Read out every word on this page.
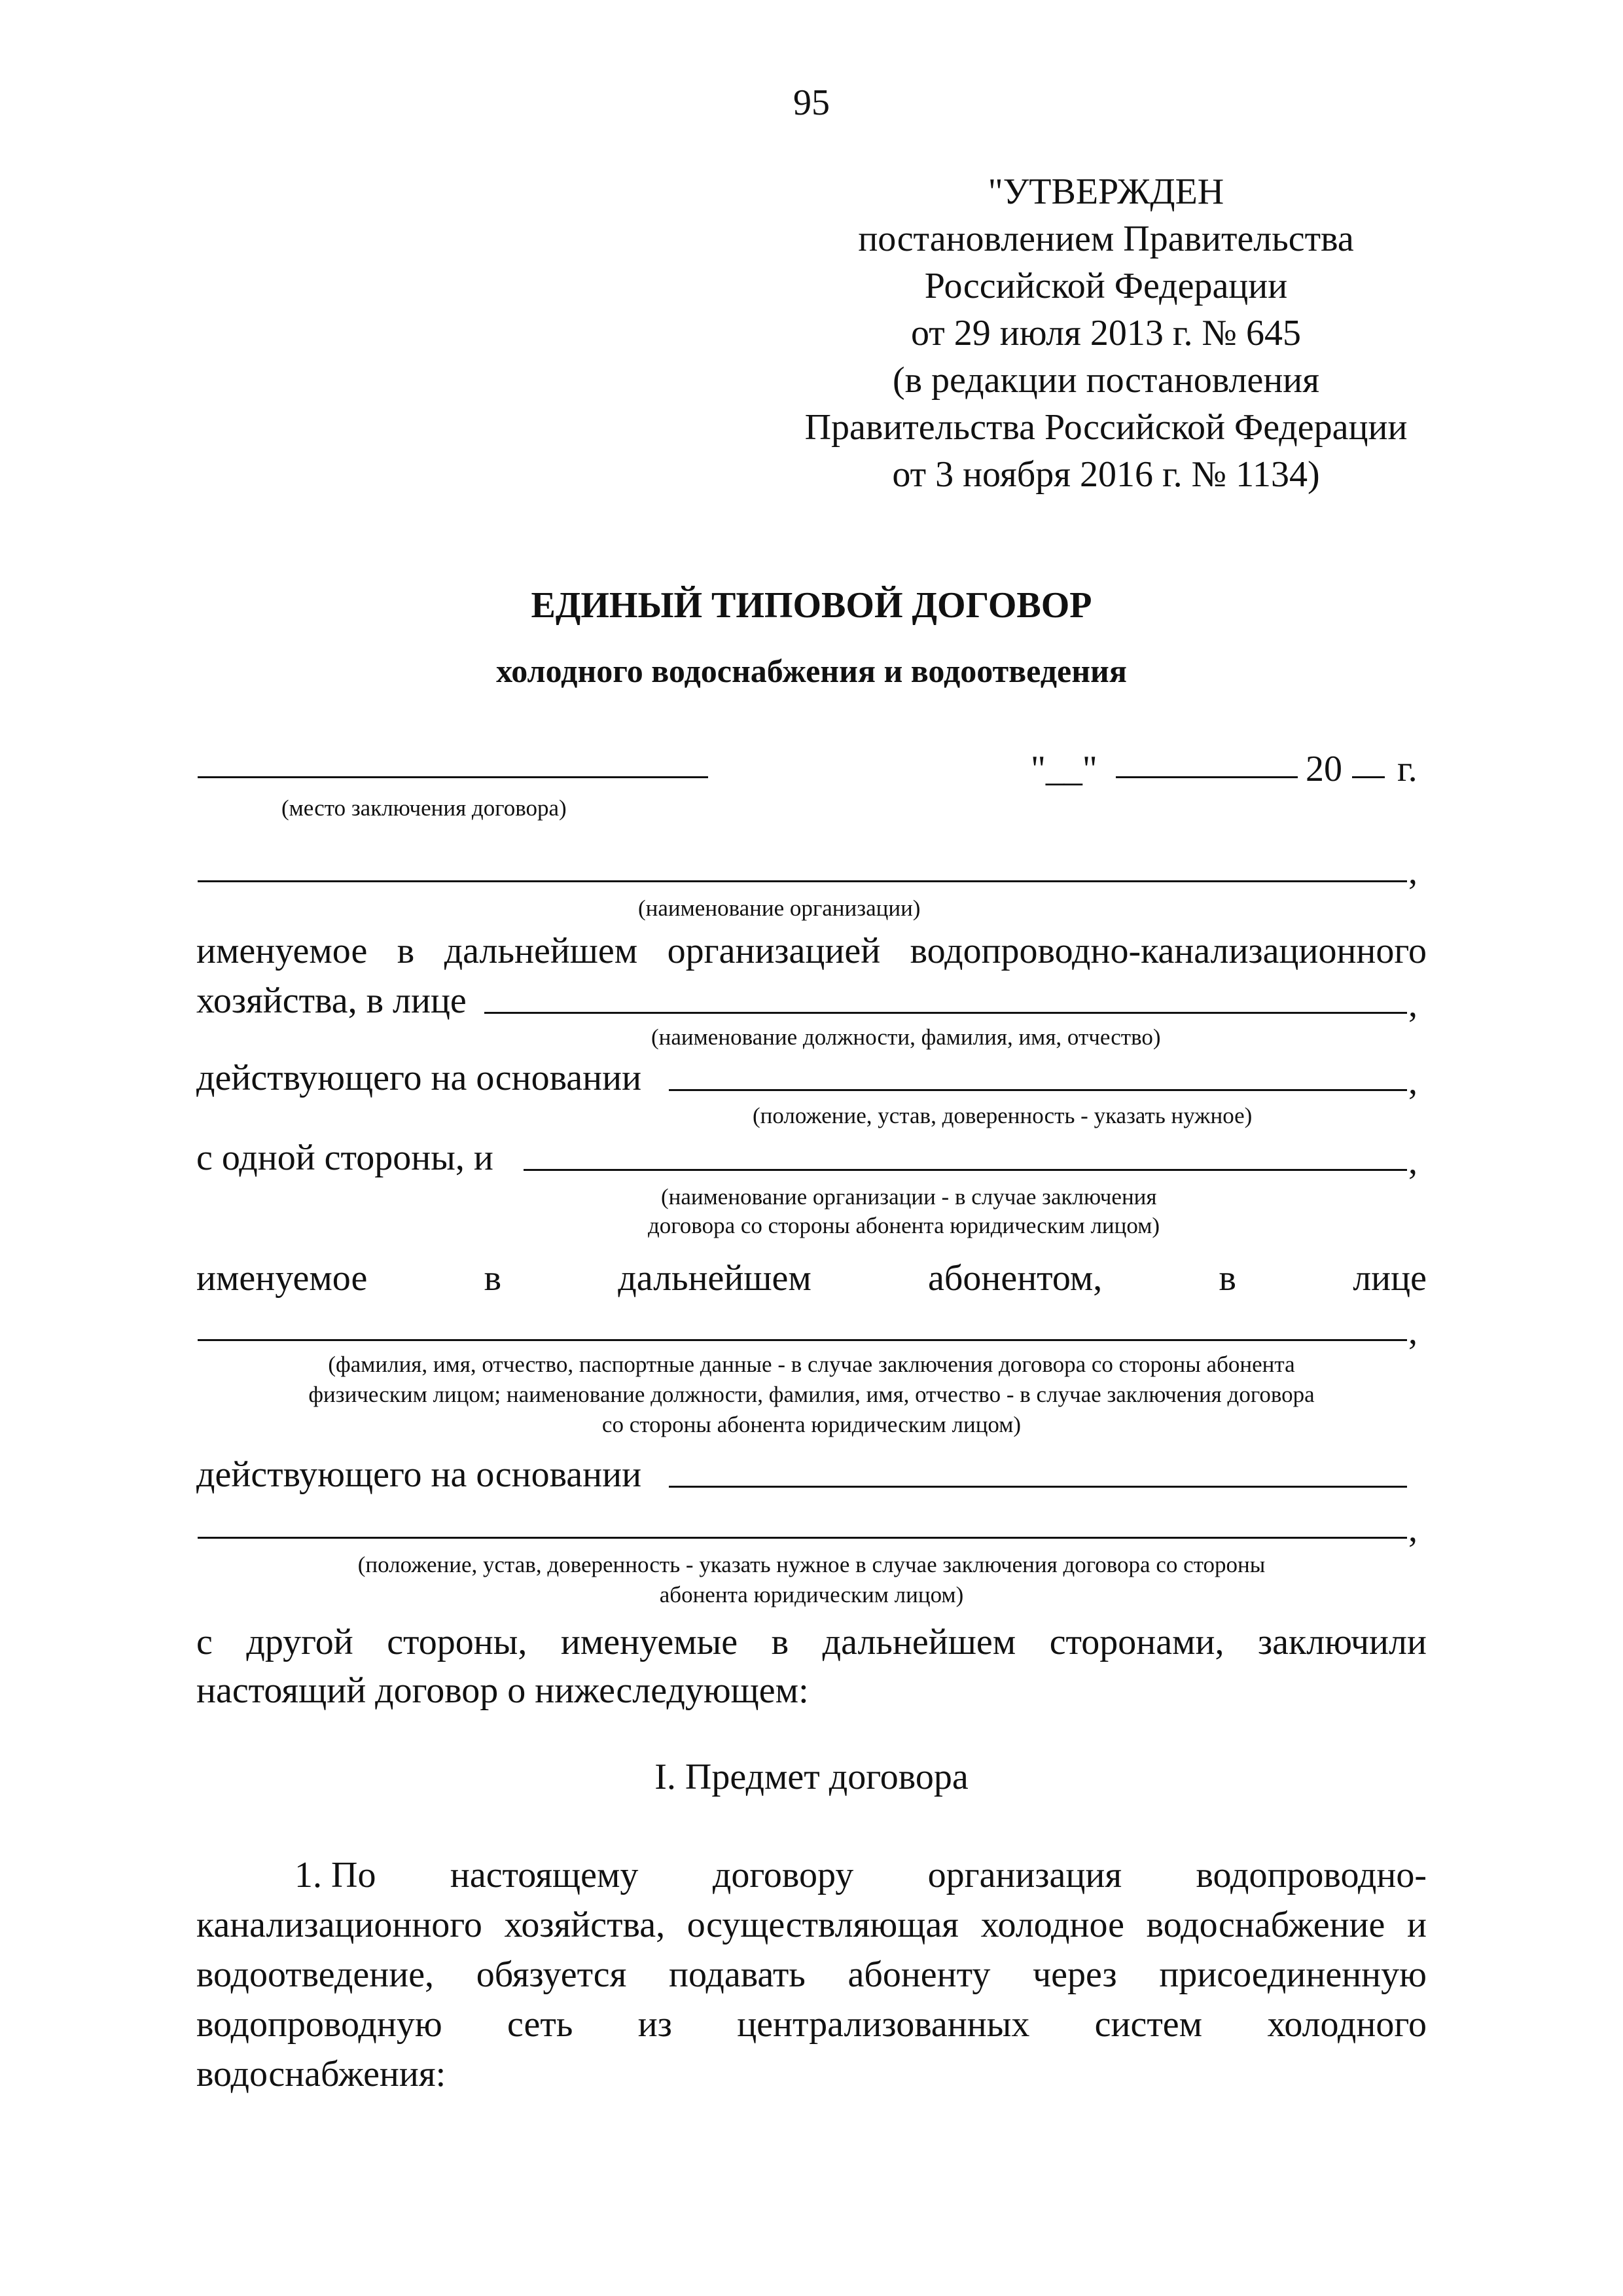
95
"УТВЕРЖДЕН
постановлением Правительства
Российской Федерации
от 29 июля 2013 г. № 645
(в редакции постановления
Правительства Российской Федерации
от 3 ноября 2016 г. № 1134)
ЕДИНЫЙ ТИПОВОЙ ДОГОВОР
холодного водоснабжения и водоотведения
(место заключения договора)
"__"	20 г.
,
(наименование организации)
именуемое в дальнейшем организацией водопроводно-канализационного
хозяйства, в лице	,
(наименование должности, фамилия, имя, отчество)
действующего на основании	,
(положение, устав, доверенность - указать нужное)
с одной стороны, и	,
(наименование организации - в случае заключения
договора со стороны абонента юридическим лицом)
именуемое	в	дальнейшем	абонентом,	в	лице
,
(фамилия, имя, отчество, паспортные данные - в случае заключения договора со стороны абонента
физическим лицом; наименование должности, фамилия, имя, отчество - в случае заключения договора
со стороны абонента юридическим лицом)
действующего на основании
,
(положение, устав, доверенность - указать нужное в случае заключения договора со стороны
абонента юридическим лицом)
с другой стороны, именуемые в дальнейшем сторонами, заключили
настоящий договор о нижеследующем:
I. Предмет договора
1. По настоящему договору организация водопроводно-
канализационного хозяйства, осуществляющая холодное водоснабжение и
водоотведение, обязуется подавать абоненту через присоединенную
водопроводную сеть из централизованных систем холодного
водоснабжения:
